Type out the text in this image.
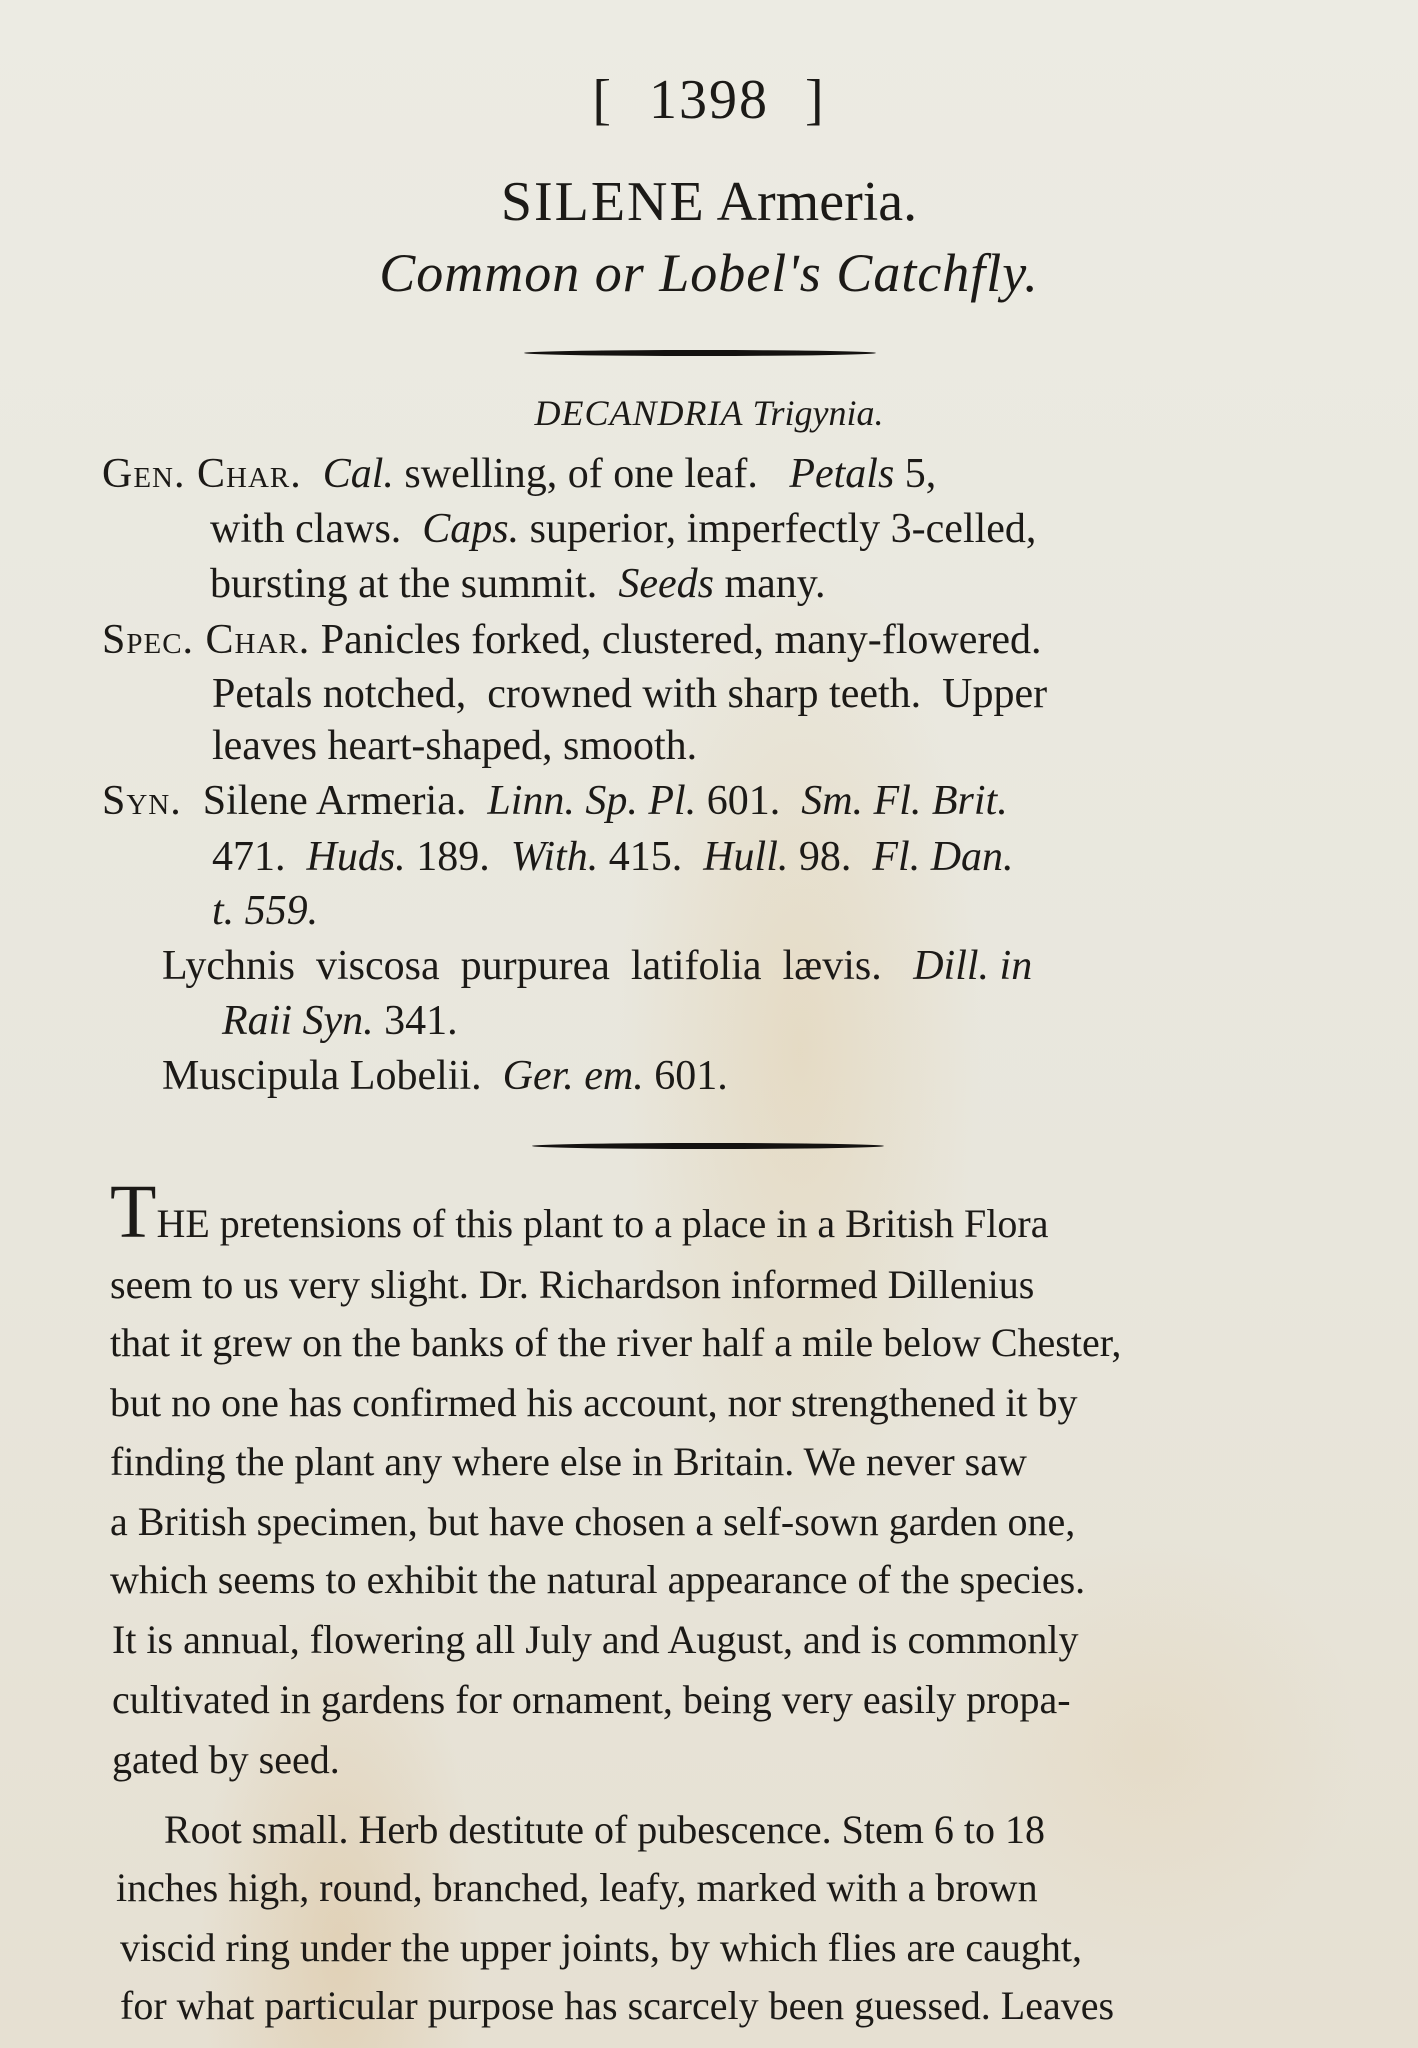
[ 1398 ]
SILENE Armeria.
Common or Lobel's Catchfly.
DECANDRIA Trigynia.
Gen. Char. Cal. swelling, of one leaf.   Petals 5,
with claws.  Caps. superior, imperfectly 3-celled,
bursting at the summit.  Seeds many.
Spec. Char. Panicles forked, clustered, many-flowered.
Petals notched,  crowned with sharp teeth.  Upper
leaves heart-shaped, smooth.
Syn. Silene Armeria.  Linn. Sp. Pl. 601.  Sm. Fl. Brit.
471.  Huds. 189.  With. 415.  Hull. 98.  Fl. Dan.
t. 559.
Lychnis  viscosa  purpurea  latifolia  lævis.   Dill. in
Raii Syn. 341.
Muscipula Lobelii.  Ger. em. 601.
THE pretensions of this plant to a place in a British Flora
seem to us very slight. Dr. Richardson informed Dillenius
that it grew on the banks of the river half a mile below Chester,
but no one has confirmed his account, nor strengthened it by
finding the plant any where else in Britain. We never saw
a British specimen, but have chosen a self-sown garden one,
which seems to exhibit the natural appearance of the species.
It is annual, flowering all July and August, and is commonly
cultivated in gardens for ornament, being very easily propa-
gated by seed.
Root small. Herb destitute of pubescence. Stem 6 to 18
inches high, round, branched, leafy, marked with a brown
viscid ring under the upper joints, by which flies are caught,
for what particular purpose has scarcely been guessed. Leaves
